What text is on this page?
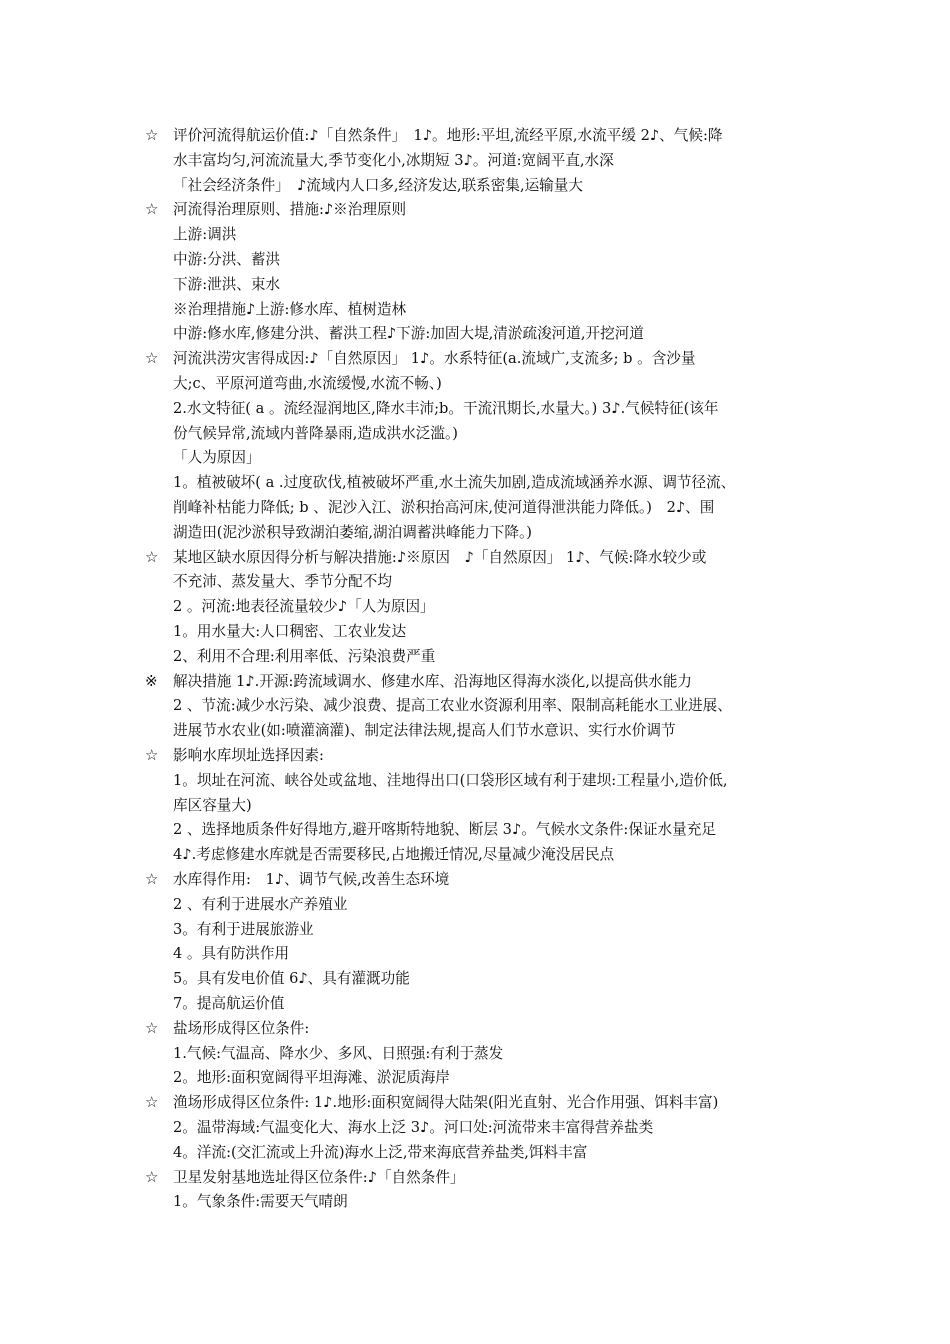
☆ 评价河流得航运价值:♪「自然条件」　1♪。地形:平坦,流经平原,水流平缓 2♪、气候:降
水丰富均匀,河流流量大,季节变化小,冰期短 3♪。河道:宽阔平直,水深
「社会经济条件」　♪流域内人口多,经济发达,联系密集,运输量大
☆ 河流得治理原则、措施:♪※治理原则
上游:调洪
中游:分洪、蓄洪
下游:泄洪、束水
※治理措施♪上游:修水库、植树造林
中游:修水库,修建分洪、蓄洪工程♪下游:加固大堤,清淤疏浚河道,开挖河道
☆ 河流洪涝灾害得成因:♪「自然原因」 1♪。水系特征(a.流域广,支流多; b 。含沙量
大;c、平原河道弯曲,水流缓慢,水流不畅、)
2.水文特征( a 。流经湿润地区,降水丰沛;b。干流汛期长,水量大。) 3♪.气候特征(该年
份气候异常,流域内普降暴雨,造成洪水泛滥。)
「人为原因」
1。植被破坏( a .过度砍伐,植被破坏严重,水土流失加剧,造成流域涵养水源、调节径流、
削峰补枯能力降低; b 、泥沙入江、淤积抬高河床,使河道得泄洪能力降低。)　2♪、围
湖造田(泥沙淤积导致湖泊萎缩,湖泊调蓄洪峰能力下降。)
☆ 某地区缺水原因得分析与解决措施:♪※原因　♪「自然原因」 1♪、气候:降水较少或
不充沛、蒸发量大、季节分配不均
2 。河流:地表径流量较少♪「人为原因」
1。用水量大:人口稠密、工农业发达
2、利用不合理:利用率低、污染浪费严重
※	解决措施 1♪.开源:跨流域调水、修建水库、沿海地区得海水淡化,以提高供水能力
2 、节流:减少水污染、减少浪费、提高工农业水资源利用率、限制高耗能水工业进展、
进展节水农业(如:喷灌滴灌)、制定法律法规,提高人们节水意识、实行水价调节
☆ 影响水库坝址选择因素:
1。坝址在河流、峡谷处或盆地、洼地得出口(口袋形区域有利于建坝:工程量小,造价低,
库区容量大)
2 、选择地质条件好得地方,避开喀斯特地貌、断层 3♪。气候水文条件:保证水量充足
4♪.考虑修建水库就是否需要移民,占地搬迁情况,尽量减少淹没居民点
☆ 水库得作用:　1♪、调节气候,改善生态环境
2 、有利于进展水产养殖业
3。有利于进展旅游业
4 。具有防洪作用
5。具有发电价值 6♪、具有灌溉功能
7。提高航运价值
☆ 盐场形成得区位条件:
1.气候:气温高、降水少、多风、日照强:有利于蒸发
2。地形:面积宽阔得平坦海滩、淤泥质海岸
☆ 渔场形成得区位条件: 1♪.地形:面积宽阔得大陆架(阳光直射、光合作用强、饵料丰富)
2。温带海域:气温变化大、海水上泛 3♪。河口处:河流带来丰富得营养盐类
4。洋流:(交汇流或上升流)海水上泛,带来海底营养盐类,饵料丰富
☆ 卫星发射基地选址得区位条件:♪「自然条件」
1。气象条件:需要天气晴朗
